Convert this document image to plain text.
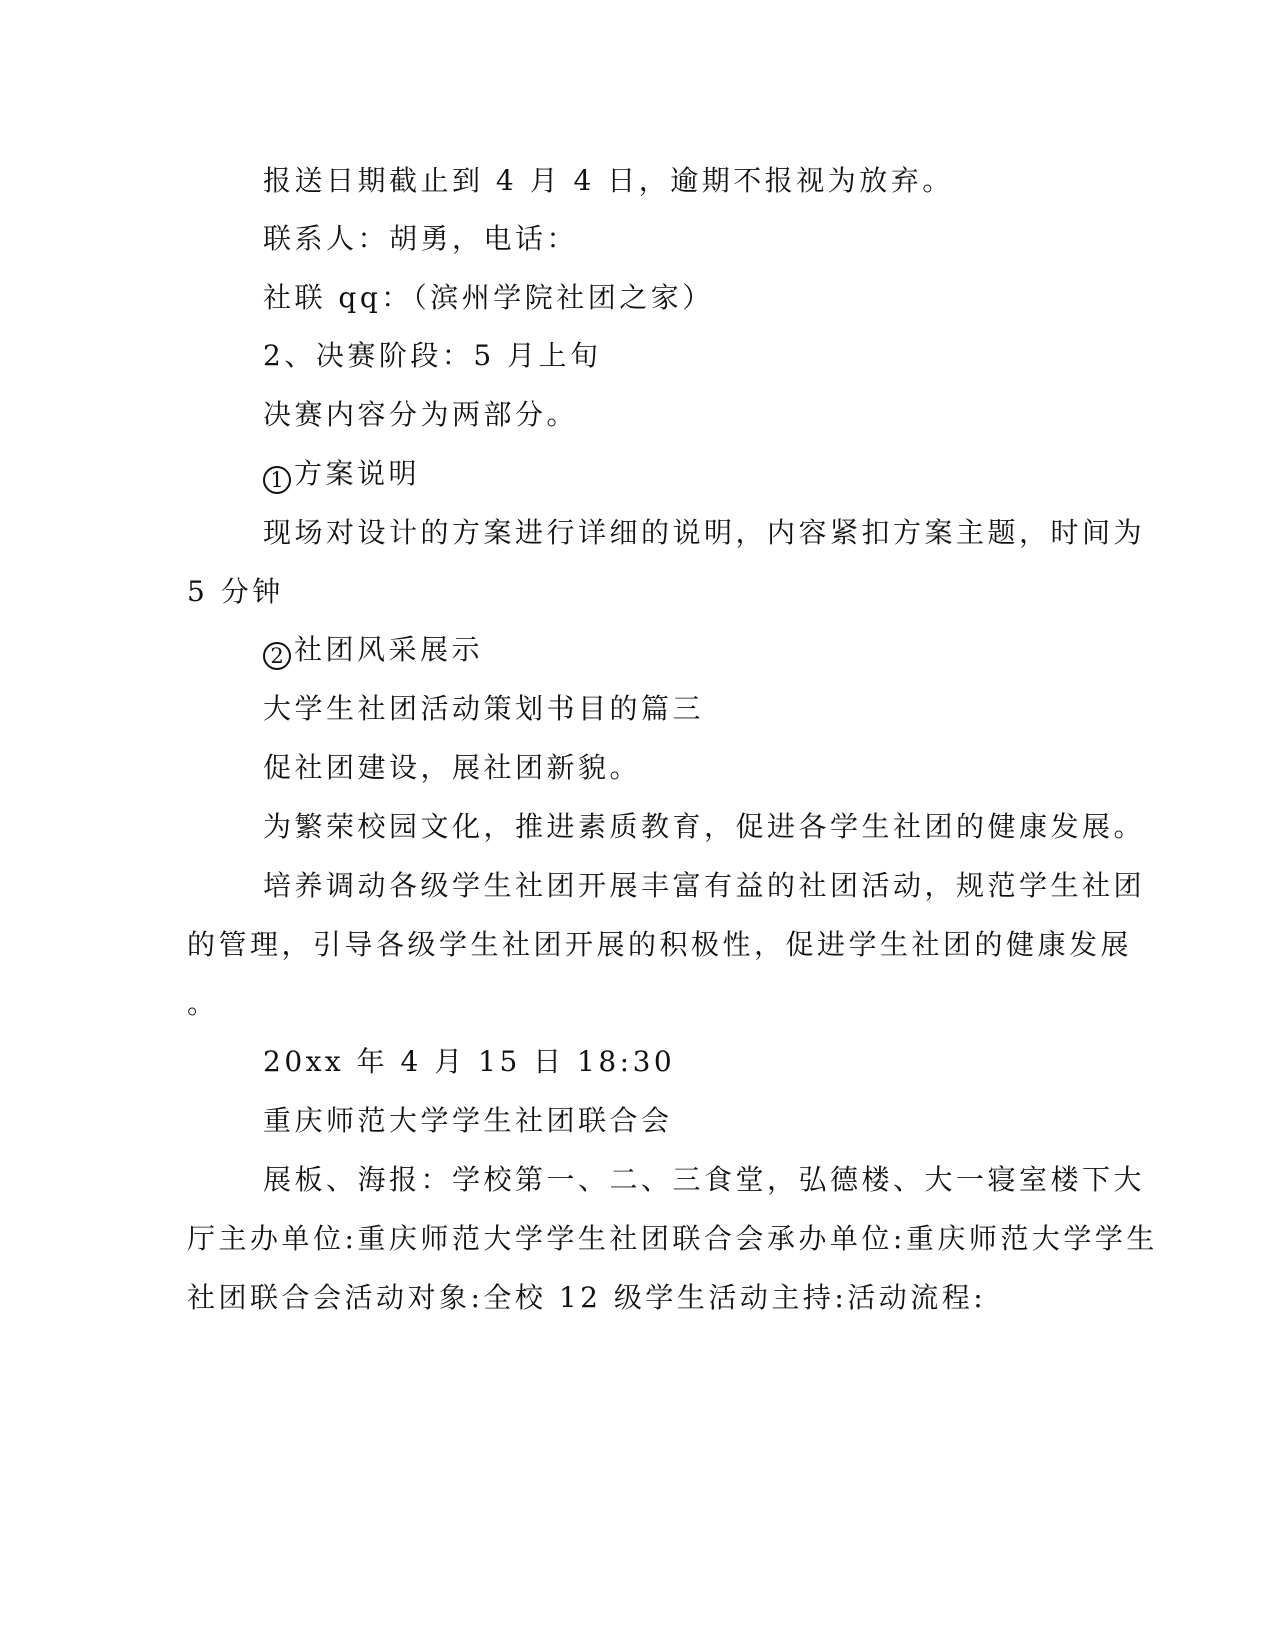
报送日期截止到 4 月 4 日，逾期不报视为放弃。
联系人：胡勇，电话：
社联 qq：（滨州学院社团之家）
2、决赛阶段：5 月上旬
决赛内容分为两部分。
1 方案说明
现场对设计的方案进行详细的说明，内容紧扣方案主题，时间为
5 分钟
2 社团风采展示
大学生社团活动策划书目的篇三
促社团建设，展社团新貌。
为繁荣校园文化，推进素质教育，促进各学生社团的健康发展。
培养调动各级学生社团开展丰富有益的社团活动，规范学生社团
的管理，引导各级学生社团开展的积极性，促进学生社团的健康发展
。
20xx 年 4 月 15 日 18:30
重庆师范大学学生社团联合会
展板、海报：学校第一、二、三食堂，弘德楼、大一寝室楼下大
厅主办单位:重庆师范大学学生社团联合会承办单位:重庆师范大学学生
社团联合会活动对象:全校 12 级学生活动主持:活动流程:
